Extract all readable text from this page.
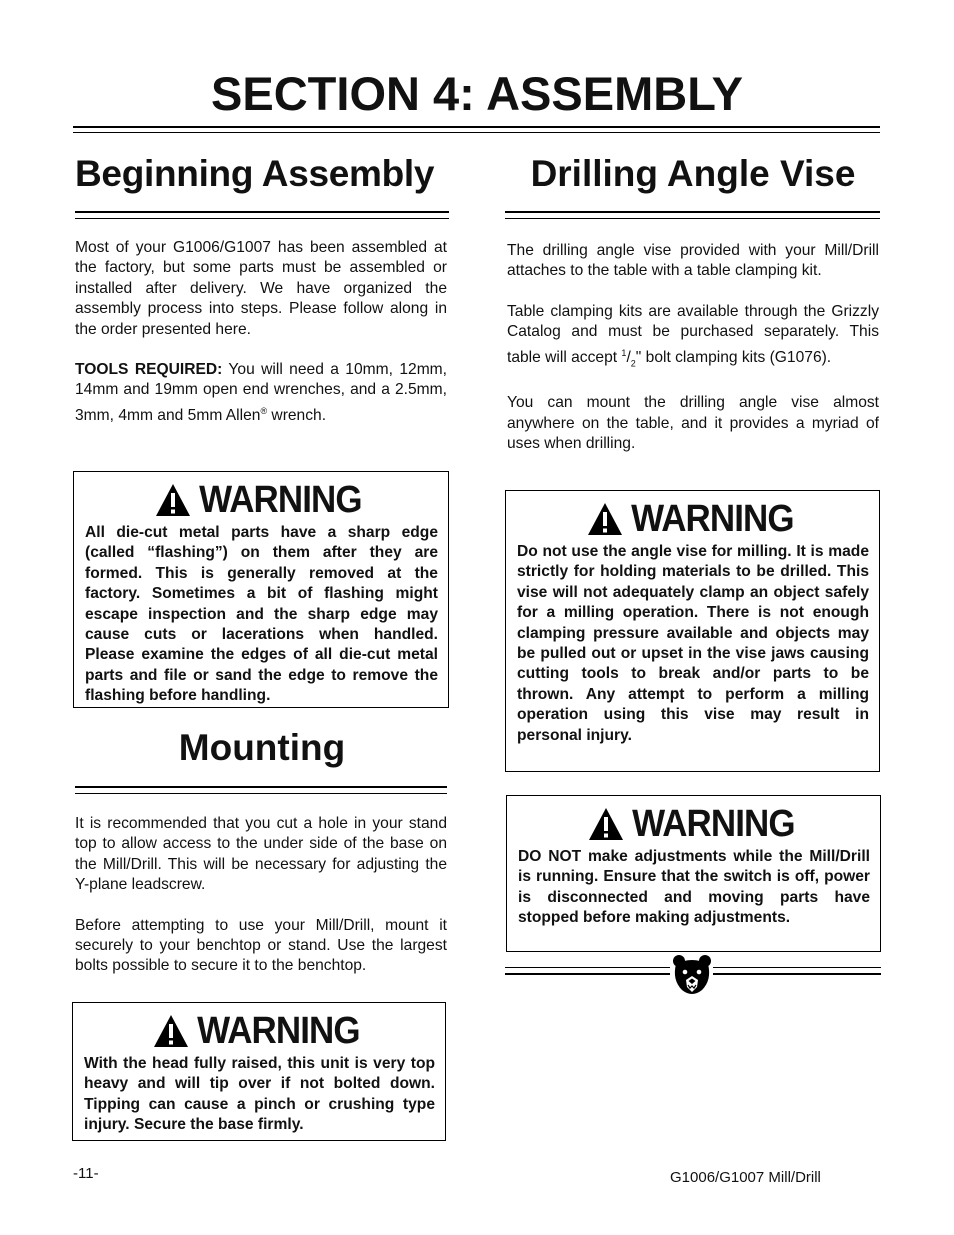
SECTION 4: ASSEMBLY
Beginning Assembly

Most of your G1006/G1007 has been assembled at the factory, but some parts must be assembled or installed after delivery. We have organized the assembly process into steps. Please follow along in the order presented here.

TOOLS REQUIRED: You will need a 10mm, 12mm, 14mm and 19mm open end wrenches, and a 2.5mm, 3mm, 4mm and 5mm Allen® wrench.

WARNING

All die-cut metal parts have a sharp edge (called “flashing”) on them after they are formed. This is generally removed at the factory. Sometimes a bit of flashing might escape inspection and the sharp edge may cause cuts or lacerations when handled. Please examine the edges of all die-cut metal parts and file or sand the edge to remove the flashing before handling.

Mounting

It is recommended that you cut a hole in your stand top to allow access to the under side of the base on the Mill/Drill. This will be necessary for adjusting the Y-plane leadscrew.

Before attempting to use your Mill/Drill, mount it securely to your benchtop or stand. Use the largest bolts possible to secure it to the benchtop.

WARNING

With the head fully raised, this unit is very top heavy and will tip over if not bolted down. Tipping can cause a pinch or crushing type injury. Secure the base firmly.

Drilling Angle Vise

The drilling angle vise provided with your Mill/Drill attaches to the table with a table clamping kit.

Table clamping kits are available through the Grizzly Catalog and must be purchased separately. This table will accept $^1/_2$" bolt clamping kits (G1076).

You can mount the drilling angle vise almost anywhere on the table, and it provides a myriad of uses when drilling.

WARNING

Do not use the angle vise for milling. It is made strictly for holding materials to be drilled. This vise will not adequately clamp an object safely for a milling operation. There is not enough clamping pressure available and objects may be pulled out or upset in the vise jaws causing cutting tools to break and/or parts to be thrown. Any attempt to perform a milling operation using this vise may result in personal injury.

WARNING

DO NOT make adjustments while the Mill/Drill is running. Ensure that the switch is off, power is disconnected and moving parts have stopped before making adjustments.

-11-	G1006/G1007 Mill/Drill
